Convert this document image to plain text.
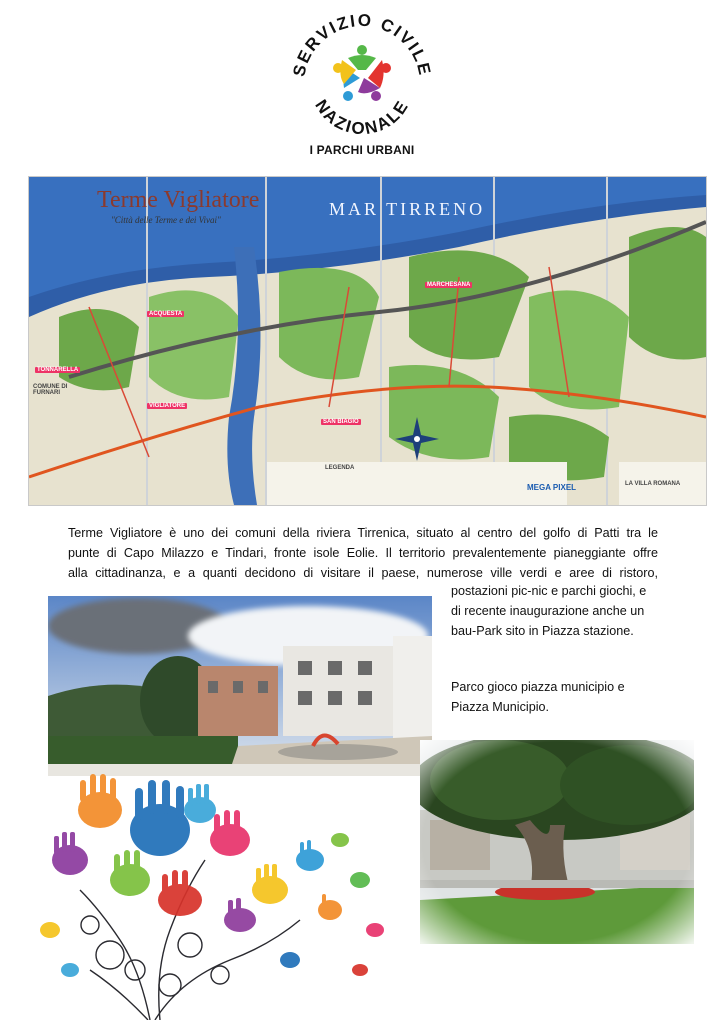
SERVIZIO CIVILE
NAZIONALE
I PARCHI URBANI
Terme Vigliatore
"Città delle Terme e dei Vivai"
MAR TIRRENO
ACQUESTA
MARCHESANA
TONNARELLA
COMUNE DI FURNARI
VIGLIATORE
SAN BIAGIO
LA VILLA ROMANA
MEGA PIXEL
LEGENDA
Terme Vigliatore è uno dei comuni della riviera Tirrenica, situato al centro del golfo di Patti tra le
punte di Capo Milazzo e Tindari, fronte isole Eolie. Il territorio prevalentemente pianeggiante offre
alla cittadinanza, e a quanti decidono di visitare il paese, numerose ville verdi e aree di ristoro,
postazioni pic-nic e parchi giochi, e
di recente inaugurazione anche un
bau-Park sito in Piazza stazione.
Parco gioco piazza municipio e
Piazza Municipio.
